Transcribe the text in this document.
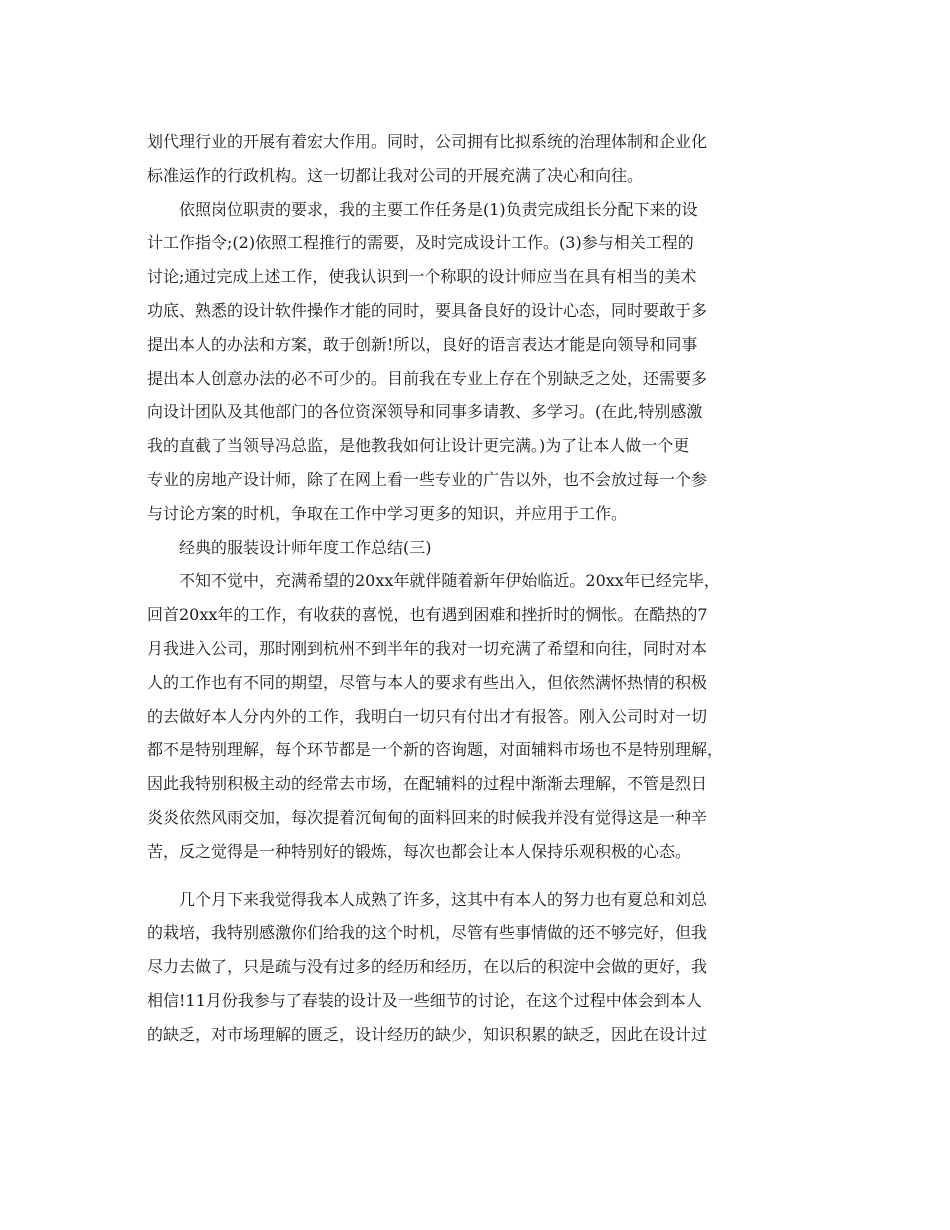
划代理行业的开展有着宏大作用。同时，公司拥有比拟系统的治理体制和企业化
标准运作的行政机构。这一切都让我对公司的开展充满了决心和向往。
　　依照岗位职责的要求，我的主要工作任务是(1)负责完成组长分配下来的设
计工作指令;(2)依照工程推行的需要，及时完成设计工作。(3)参与相关工程的
讨论;通过完成上述工作，使我认识到一个称职的设计师应当在具有相当的美术
功底、熟悉的设计软件操作才能的同时，要具备良好的设计心态，同时要敢于多
提出本人的办法和方案，敢于创新!所以，良好的语言表达才能是向领导和同事
提出本人创意办法的必不可少的。目前我在专业上存在个别缺乏之处，还需要多
向设计团队及其他部门的各位资深领导和同事多请教、多学习。(在此,特别感激
我的直截了当领导冯总监，是他教我如何让设计更完满。)为了让本人做一个更
专业的房地产设计师，除了在网上看一些专业的广告以外，也不会放过每一个参
与讨论方案的时机，争取在工作中学习更多的知识，并应用于工作。
　　经典的服装设计师年度工作总结(三)
　　不知不觉中，充满希望的20xx年就伴随着新年伊始临近。20xx年已经完毕，
回首20xx年的工作，有收获的喜悦，也有遇到困难和挫折时的惆怅。在酷热的7
月我进入公司，那时刚到杭州不到半年的我对一切充满了希望和向往，同时对本
人的工作也有不同的期望，尽管与本人的要求有些出入，但依然满怀热情的积极
的去做好本人分内外的工作，我明白一切只有付出才有报答。刚入公司时对一切
都不是特别理解，每个环节都是一个新的咨询题，对面辅料市场也不是特别理解，
因此我特别积极主动的经常去市场，在配辅料的过程中渐渐去理解，不管是烈日
炎炎依然风雨交加，每次提着沉甸甸的面料回来的时候我并没有觉得这是一种辛
苦，反之觉得是一种特别好的锻炼，每次也都会让本人保持乐观积极的心态。
　　几个月下来我觉得我本人成熟了许多，这其中有本人的努力也有夏总和刘总
的栽培，我特别感激你们给我的这个时机，尽管有些事情做的还不够完好，但我
尽力去做了，只是疏与没有过多的经历和经历，在以后的积淀中会做的更好，我
相信!11月份我参与了春装的设计及一些细节的讨论，在这个过程中体会到本人
的缺乏，对市场理解的匮乏，设计经历的缺少，知识积累的缺乏，因此在设计过
